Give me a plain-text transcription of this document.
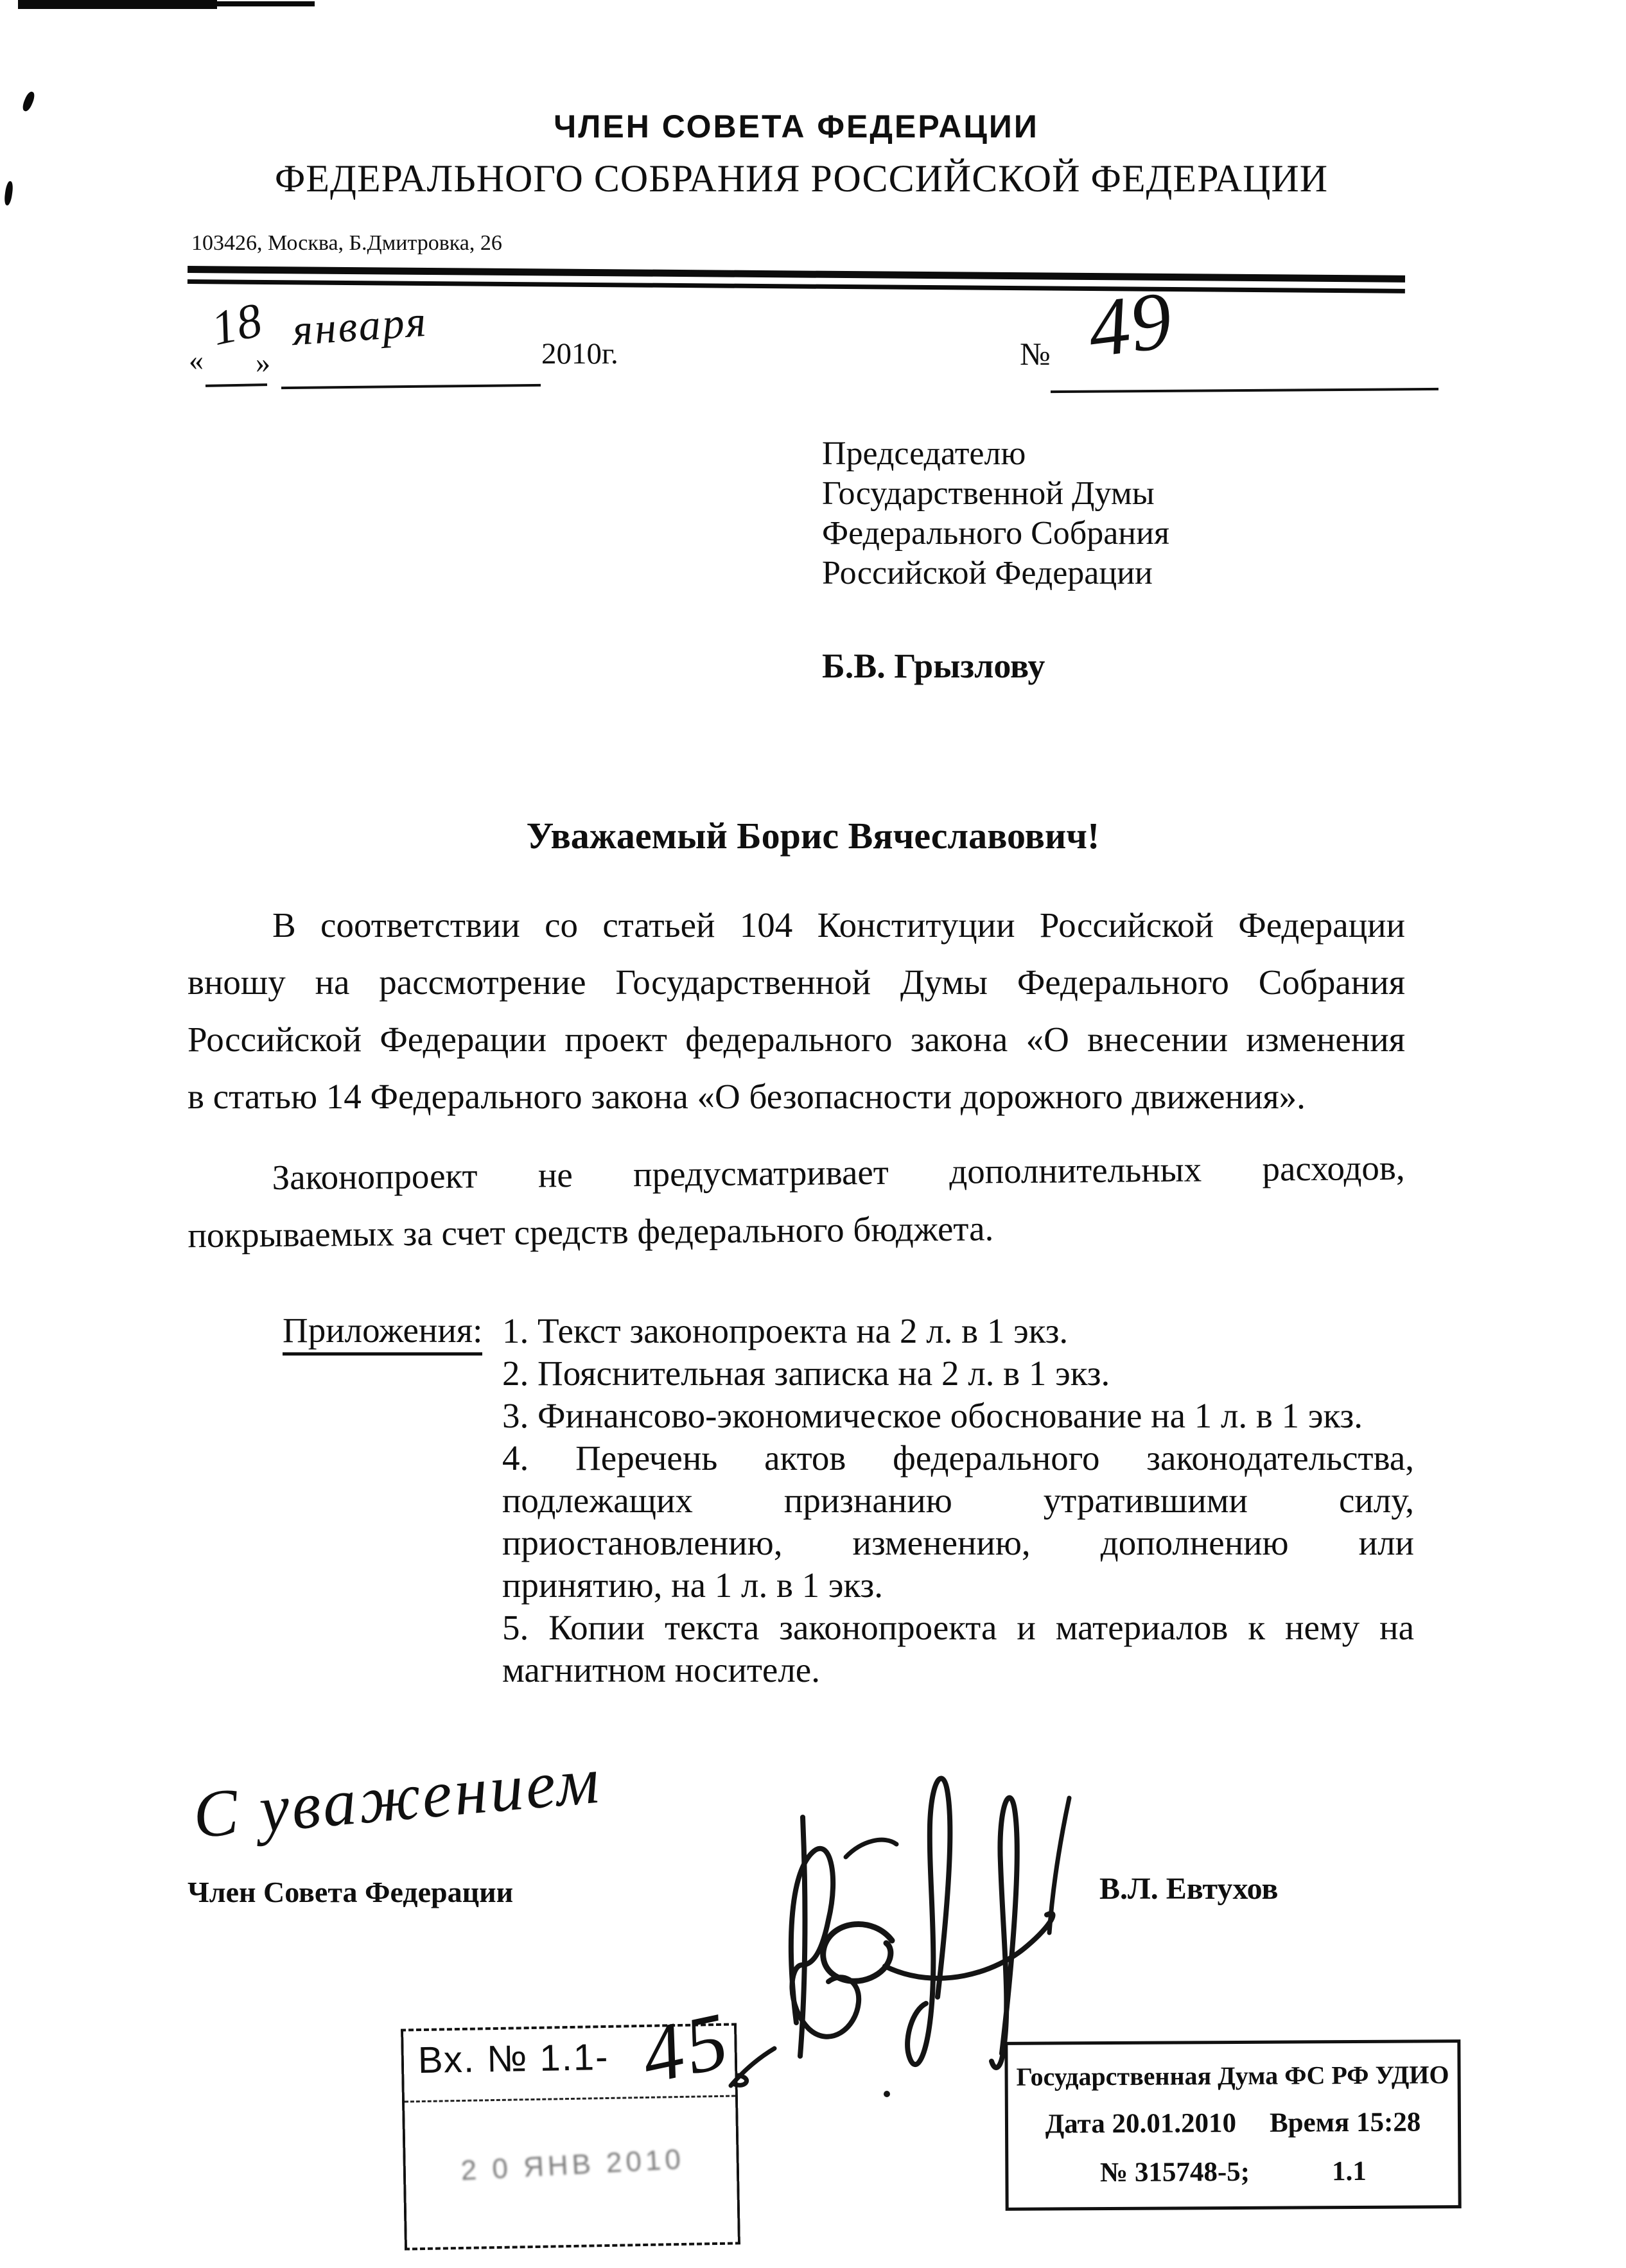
ЧЛЕН СОВЕТА ФЕДЕРАЦИИ
ФЕДЕРАЛЬНОГО СОБРАНИЯ РОССИЙСКОЙ ФЕДЕРАЦИИ
103426, Москва, Б.Дмитровка, 26
«
18
»
января	2010г.	№ 49
Председателю
Государственной Думы
Федерального Собрания
Российской Федерации
Б.В. Грызлову
Уважаемый Борис Вячеславович!
В соответствии со статьей 104 Конституции Российской Федерации
вношу на рассмотрение Государственной Думы Федерального Собрания
Российской Федерации проект федерального закона «О внесении изменения
в статью 14 Федерального закона «О безопасности дорожного движения».
Законопроект не предусматривает дополнительных расходов,
покрываемых за счет средств федерального бюджета.
Приложения: 1. Текст законопроекта на 2 л. в 1 экз.
2. Пояснительная записка на 2 л. в 1 экз.
3. Финансово-экономическое обоснование на 1 л. в 1 экз.
4. Перечень актов федерального законодательства,
подлежащих признанию утратившими силу,
приостановлению, изменению, дополнению или
принятию, на 1 л. в 1 экз.
5. Копии текста законопроекта и материалов к нему на
магнитном носителе.
С уважением
Член Совета Федерации	В.Л. Евтухов
Вх. № 1.1-
2 0 ЯНВ 2010
45	Государственная Дума ФС РФ УДИО
Дата 20.01.2010 Время 15:28
№ 315748-5;	1.1
